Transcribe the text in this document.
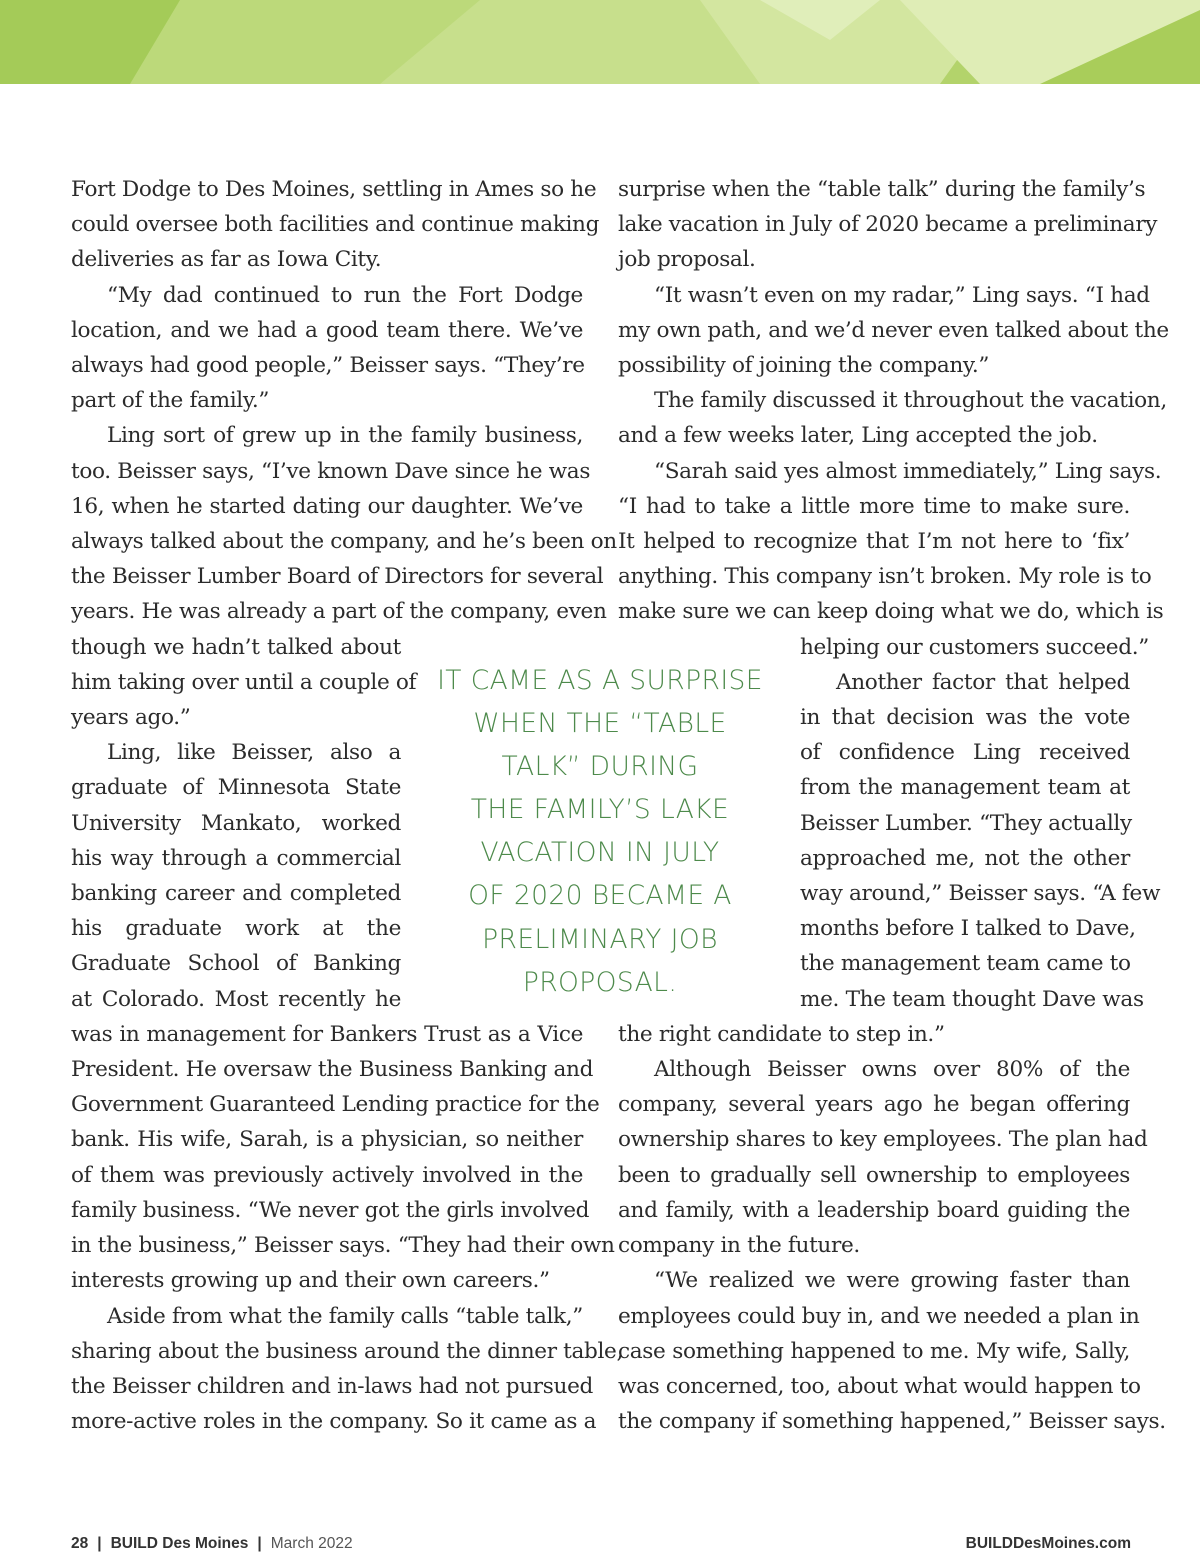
Fort Dodge to Des Moines, settling in Ames so he
could oversee both facilities and continue making
deliveries as far as Iowa City.

“My dad continued to run the Fort Dodge
location, and we had a good team there. We’ve
always had good people,” Beisser says. “They’re
part of the family.”

Ling sort of grew up in the family business,
too. Beisser says, “I’ve known Dave since he was
16, when he started dating our daughter. We’ve
always talked about the company, and he’s been on
the Beisser Lumber Board of Directors for several
years. He was already a part of the company, even
though we hadn’t talked about
him taking over until a couple of
years ago.”

Ling, like Beisser, also a
graduate of Minnesota State
University Mankato, worked
his way through a commercial
banking career and completed
his graduate work at the
Graduate School of Banking
at Colorado. Most recently he
was in management for Bankers Trust as a Vice
President. He oversaw the Business Banking and
Government Guaranteed Lending practice for the
bank. His wife, Sarah, is a physician, so neither
of them was previously actively involved in the
family business. “We never got the girls involved
in the business,” Beisser says. “They had their own
interests growing up and their own careers.”

Aside from what the family calls “table talk,”
sharing about the business around the dinner table,
the Beisser children and in-laws had not pursued
more-active roles in the company. So it came as a

surprise when the “table talk” during the family’s
lake vacation in July of 2020 became a preliminary
job proposal.

“It wasn’t even on my radar,” Ling says. “I had
my own path, and we’d never even talked about the
possibility of joining the company.”

The family discussed it throughout the vacation,
and a few weeks later, Ling accepted the job.

“Sarah said yes almost immediately,” Ling says.
“I had to take a little more time to make sure.
It helped to recognize that I’m not here to ‘fix’
anything. This company isn’t broken. My role is to
make sure we can keep doing what we do, which is
helping our customers succeed.”

Another factor that helped
in that decision was the vote
of confidence Ling received
from the management team at
Beisser Lumber. “They actually
approached me, not the other
way around,” Beisser says. “A few
months before I talked to Dave,
the management team came to
me. The team thought Dave was
the right candidate to step in.”

Although Beisser owns over 80% of the
company, several years ago he began offering
ownership shares to key employees. The plan had
been to gradually sell ownership to employees
and family, with a leadership board guiding the
company in the future.

“We realized we were growing faster than
employees could buy in, and we needed a plan in
case something happened to me. My wife, Sally,
was concerned, too, about what would happen to
the company if something happened,” Beisser says.

IT CAME AS A SURPRISE
WHEN THE “TABLE
TALK” DURING
THE FAMILY’S LAKE
VACATION IN JULY
OF 2020 BECAME A
PRELIMINARY JOB
PROPOSAL.
28 | BUILD Des Moines | March 2022	BUILDDesMoines.com
